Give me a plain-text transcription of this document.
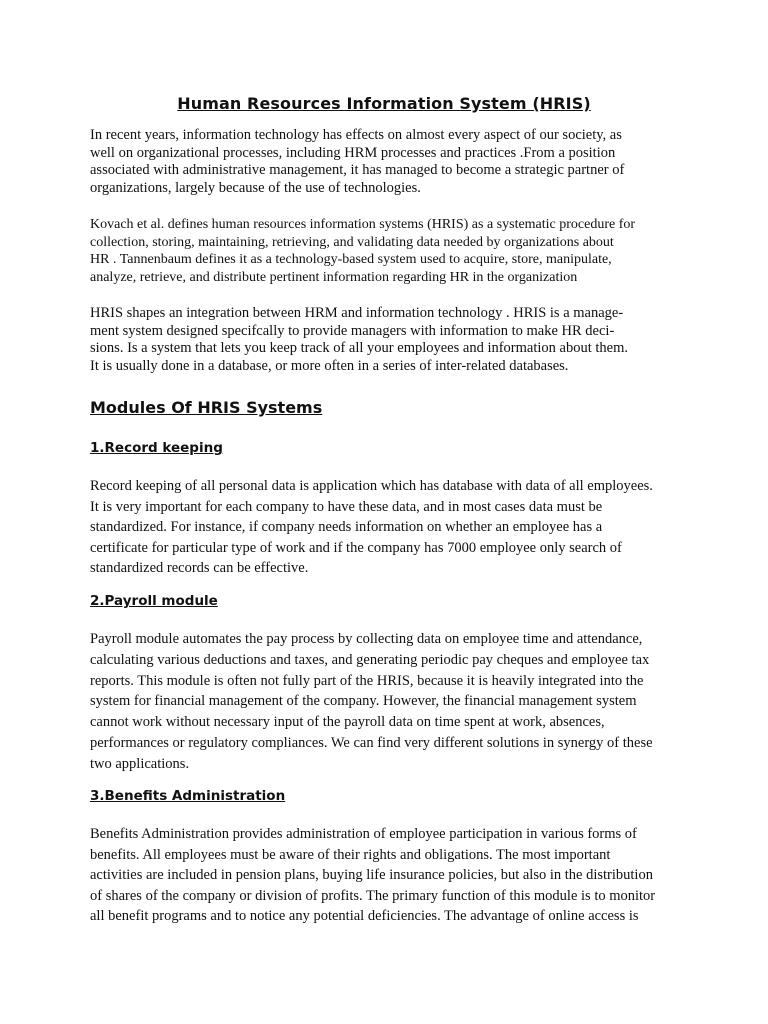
Human Resources Information System (HRIS)
In recent years, information technology has effects on almost every aspect of our society, as
well on organizational processes, including HRM processes and practices .From a position
associated with administrative management, it has managed to become a strategic partner of
organizations, largely because of the use of technologies.
Kovach et al. defines human resources information systems (HRIS) as a systematic procedure for
collection, storing, maintaining, retrieving, and validating data needed by organizations about
HR . Tannenbaum defines it as a technology-based system used to acquire, store, manipulate,
analyze, retrieve, and distribute pertinent information regarding HR in the organization
HRIS shapes an integration between HRM and information technology . HRIS is a manage-
ment system designed specifcally to provide managers with information to make HR deci-
sions. Is a system that lets you keep track of all your employees and information about them.
It is usually done in a database, or more often in a series of inter-related databases.
Modules Of HRIS Systems
1.Record keeping
Record keeping of all personal data is application which has database with data of all employees.
It is very important for each company to have these data, and in most cases data must be
standardized. For instance, if company needs information on whether an employee has a
certificate for particular type of work and if the company has 7000 employee only search of
standardized records can be effective.
2.Payroll module
Payroll module automates the pay process by collecting data on employee time and attendance,
calculating various deductions and taxes, and generating periodic pay cheques and employee tax
reports. This module is often not fully part of the HRIS, because it is heavily integrated into the
system for financial management of the company. However, the financial management system
cannot work without necessary input of the payroll data on time spent at work, absences,
performances or regulatory compliances. We can find very different solutions in synergy of these
two applications.
3.Benefits Administration
Benefits Administration provides administration of employee participation in various forms of
benefits. All employees must be aware of their rights and obligations. The most important
activities are included in pension plans, buying life insurance policies, but also in the distribution
of shares of the company or division of profits. The primary function of this module is to monitor
all benefit programs and to notice any potential deficiencies. The advantage of online access is
